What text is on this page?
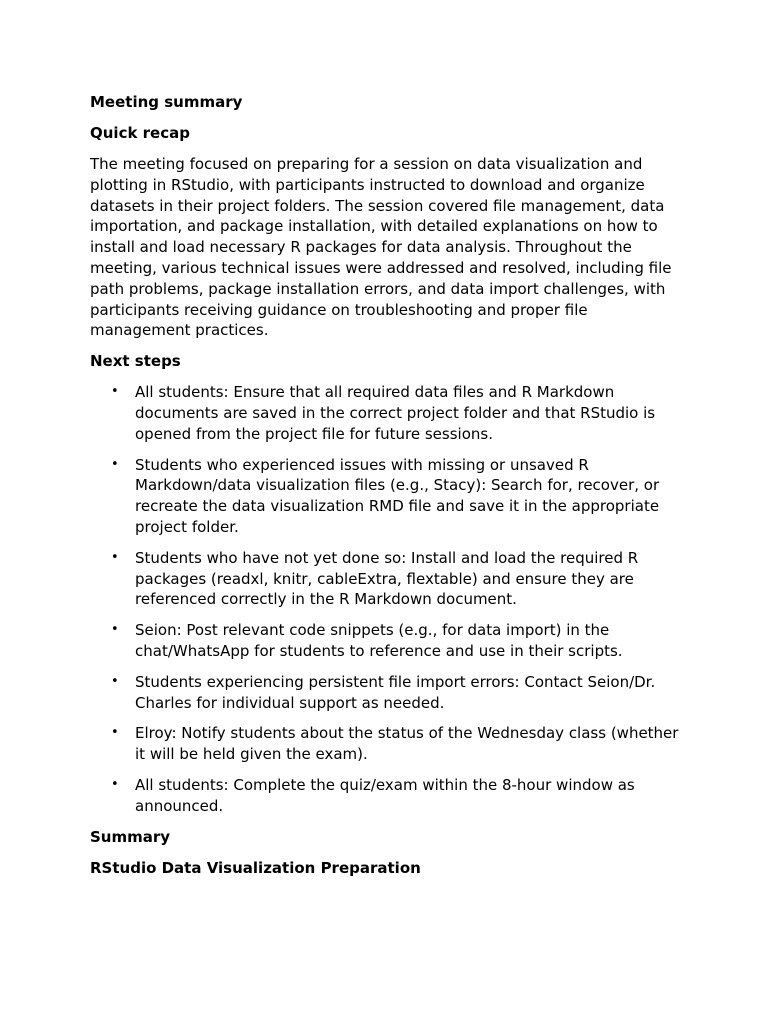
Meeting summary
Quick recap
The meeting focused on preparing for a session on data visualization and plotting in RStudio, with participants instructed to download and organize datasets in their project folders. The session covered file management, data importation, and package installation, with detailed explanations on how to install and load necessary R packages for data analysis. Throughout the meeting, various technical issues were addressed and resolved, including file path problems, package installation errors, and data import challenges, with participants receiving guidance on troubleshooting and proper file management practices.
Next steps
• All students: Ensure that all required data files and R Markdown documents are saved in the correct project folder and that RStudio is opened from the project file for future sessions.
• Students who experienced issues with missing or unsaved R Markdown/data visualization files (e.g., Stacy): Search for, recover, or recreate the data visualization RMD file and save it in the appropriate project folder.
• Students who have not yet done so: Install and load the required R packages (readxl, knitr, cableExtra, flextable) and ensure they are referenced correctly in the R Markdown document.
• Seion: Post relevant code snippets (e.g., for data import) in the chat/WhatsApp for students to reference and use in their scripts.
• Students experiencing persistent file import errors: Contact Seion/Dr. Charles for individual support as needed.
• Elroy: Notify students about the status of the Wednesday class (whether it will be held given the exam).
• All students: Complete the quiz/exam within the 8-hour window as announced.
Summary
RStudio Data Visualization Preparation
